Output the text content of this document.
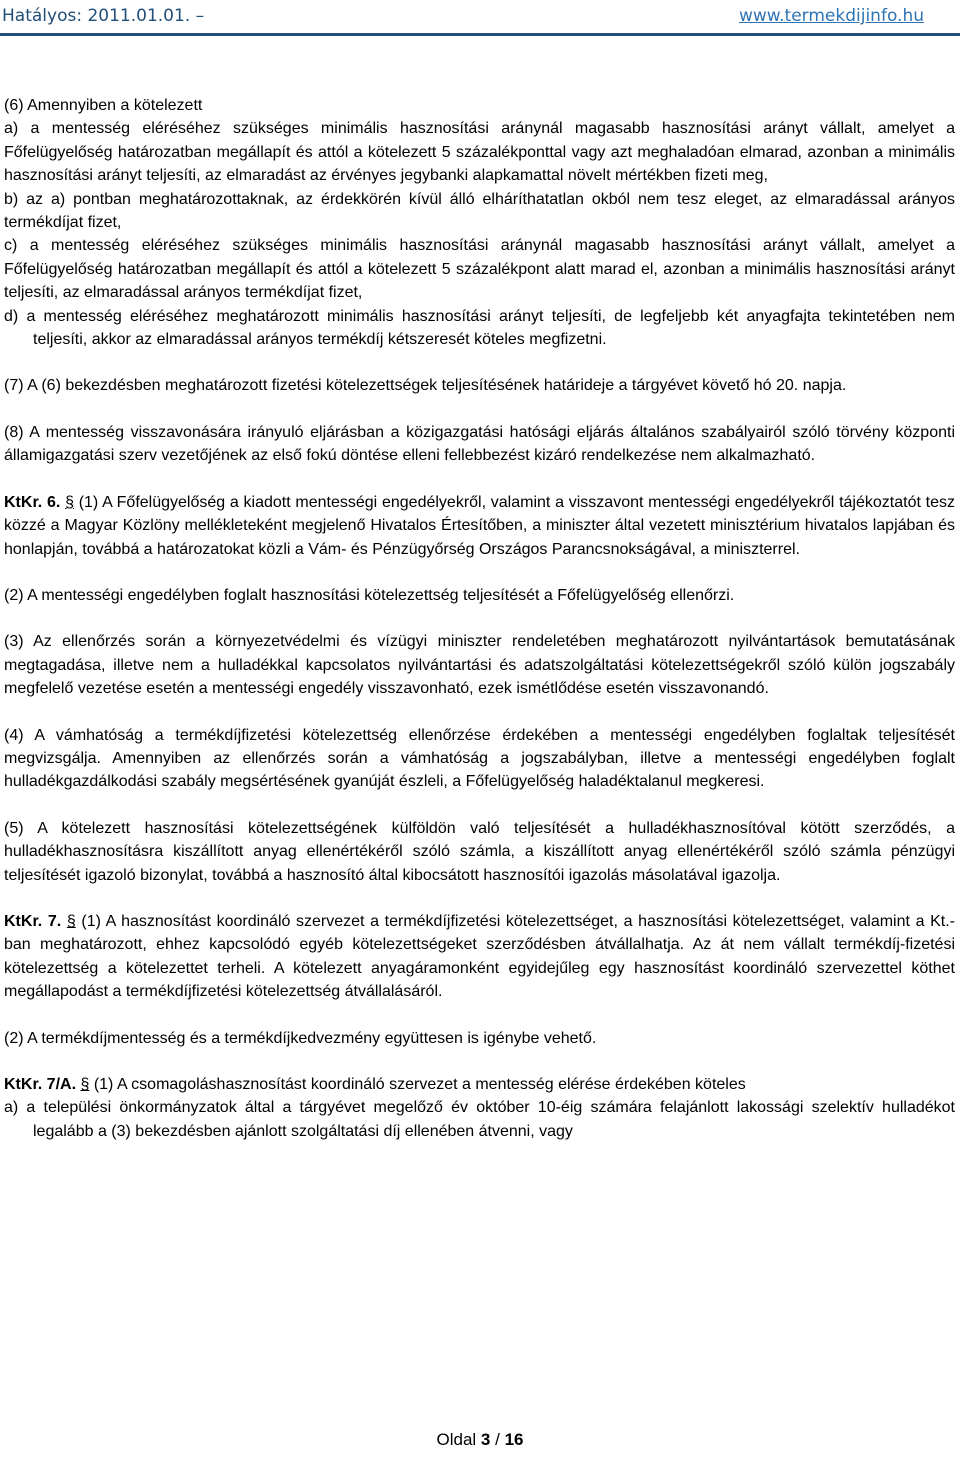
Hatályos: 2011.01.01. –	www.termekdijinfo.hu

(6) Amennyiben a kötelezett

a) a mentesség eléréséhez szükséges minimális hasznosítási aránynál magasabb hasznosítási arányt vállalt, amelyet a Főfelügyelőség határozatban megállapít és attól a kötelezett 5 százalékponttal vagy azt meghaladóan elmarad, azonban a minimális hasznosítási arányt teljesíti, az elmaradást az érvényes jegybanki alapkamattal növelt mértékben fizeti meg,

b) az a) pontban meghatározottaknak, az érdekkörén kívül álló elháríthatatlan okból nem tesz eleget, az elmaradással arányos termékdíjat fizet,

c) a mentesség eléréséhez szükséges minimális hasznosítási aránynál magasabb hasznosítási arányt vállalt, amelyet a Főfelügyelőség határozatban megállapít és attól a kötelezett 5 százalékpont alatt marad el, azonban a minimális hasznosítási arányt teljesíti, az elmaradással arányos termékdíjat fizet,

d) a mentesség eléréséhez meghatározott minimális hasznosítási arányt teljesíti, de legfeljebb két anyagfajta tekintetében nem teljesíti, akkor az elmaradással arányos termékdíj kétszeresét köteles megfizetni.

(7) A (6) bekezdésben meghatározott fizetési kötelezettségek teljesítésének határideje a tárgyévet követő hó 20. napja.

(8) A mentesség visszavonására irányuló eljárásban a közigazgatási hatósági eljárás általános szabályairól szóló törvény központi államigazgatási szerv vezetőjének az első fokú döntése elleni fellebbezést kizáró rendelkezése nem alkalmazható.

KtKr. 6. § (1) A Főfelügyelőség a kiadott mentességi engedélyekről, valamint a visszavont mentességi engedélyekről tájékoztatót tesz közzé a Magyar Közlöny mellékleteként megjelenő Hivatalos Értesítőben, a miniszter által vezetett minisztérium hivatalos lapjában és honlapján, továbbá a határozatokat közli a Vám- és Pénzügyőrség Országos Parancsnokságával, a miniszterrel.

(2) A mentességi engedélyben foglalt hasznosítási kötelezettség teljesítését a Főfelügyelőség ellenőrzi.

(3) Az ellenőrzés során a környezetvédelmi és vízügyi miniszter rendeletében meghatározott nyilvántartások bemutatásának megtagadása, illetve nem a hulladékkal kapcsolatos nyilvántartási és adatszolgáltatási kötelezettségekről szóló külön jogszabály megfelelő vezetése esetén a mentességi engedély visszavonható, ezek ismétlődése esetén visszavonandó.

(4) A vámhatóság a termékdíjfizetési kötelezettség ellenőrzése érdekében a mentességi engedélyben foglaltak teljesítését megvizsgálja. Amennyiben az ellenőrzés során a vámhatóság a jogszabályban, illetve a mentességi engedélyben foglalt hulladékgazdálkodási szabály megsértésének gyanúját észleli, a Főfelügyelőség haladéktalanul megkeresi.

(5) A kötelezett hasznosítási kötelezettségének külföldön való teljesítését a hulladékhasznosítóval kötött szerződés, a hulladékhasznosításra kiszállított anyag ellenértékéről szóló számla, a kiszállított anyag ellenértékéről szóló számla pénzügyi teljesítését igazoló bizonylat, továbbá a hasznosító által kibocsátott hasznosítói igazolás másolatával igazolja.

KtKr. 7. § (1) A hasznosítást koordináló szervezet a termékdíjfizetési kötelezettséget, a hasznosítási kötelezettséget, valamint a Kt.-ban meghatározott, ehhez kapcsolódó egyéb kötelezettségeket szerződésben átvállalhatja. Az át nem vállalt termékdíj-fizetési kötelezettség a kötelezettet terheli. A kötelezett anyagáramonként egyidejűleg egy hasznosítást koordináló szervezettel köthet megállapodást a termékdíjfizetési kötelezettség átvállalásáról.

(2) A termékdíjmentesség és a termékdíjkedvezmény együttesen is igénybe vehető.

KtKr. 7/A. § (1) A csomagoláshasznosítást koordináló szervezet a mentesség elérése érdekében köteles

a) a települési önkormányzatok által a tárgyévet megelőző év október 10-éig számára felajánlott lakossági szelektív hulladékot legalább a (3) bekezdésben ajánlott szolgáltatási díj ellenében átvenni, vagy

Oldal 3 / 16
